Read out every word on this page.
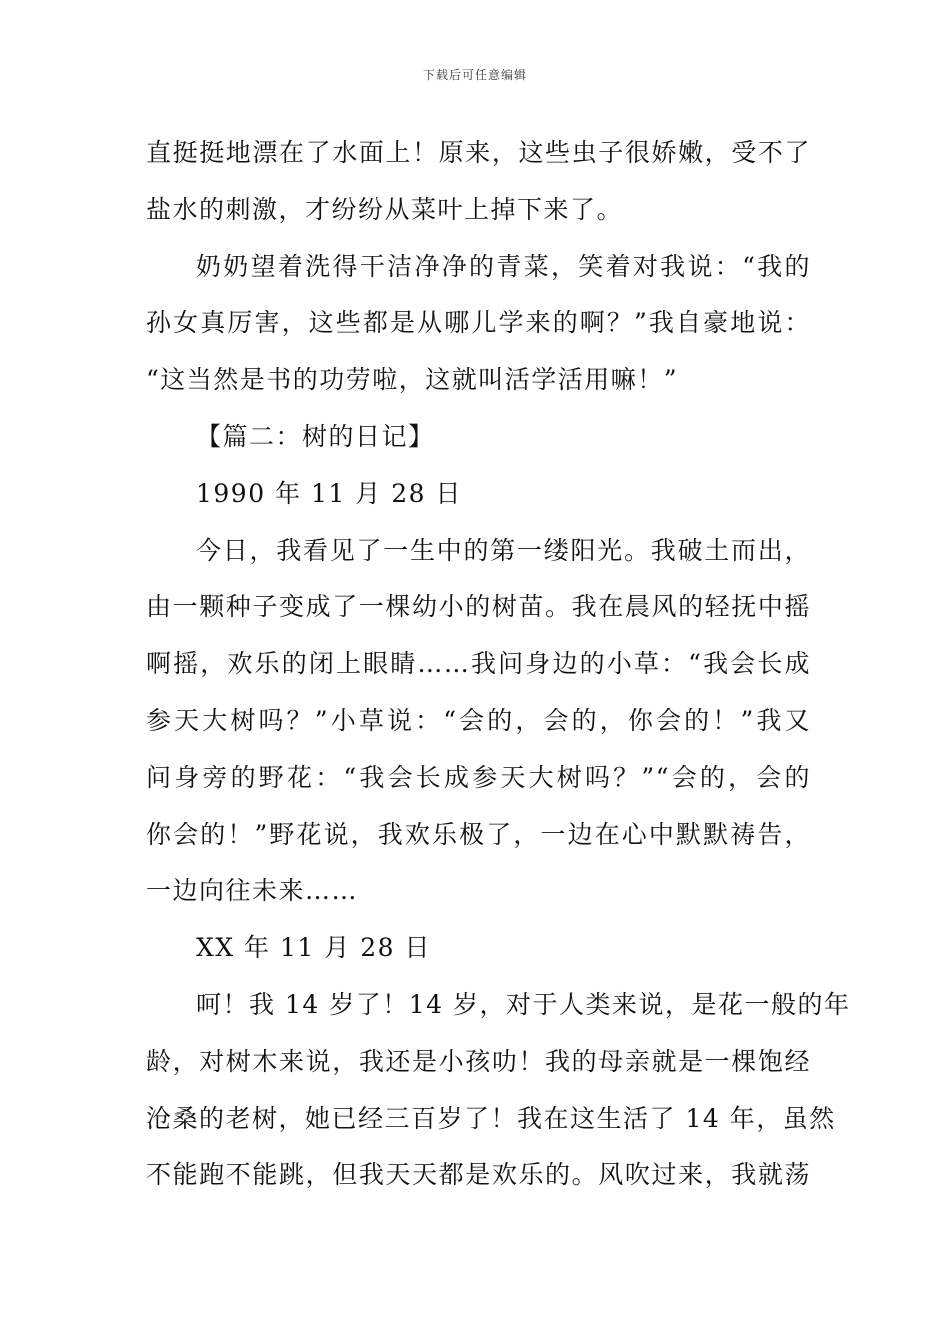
下载后可任意编辑
直挺挺地漂在了水面上！原来，这些虫子很娇嫩，受不了
盐水的刺激，才纷纷从菜叶上掉下来了。
奶奶望着洗得干洁净净的青菜，笑着对我说：“我的
孙女真厉害，这些都是从哪儿学来的啊？”我自豪地说：
“这当然是书的功劳啦，这就叫活学活用嘛！”
【篇二：树的日记】
1990 年 11 月 28 日
今日，我看见了一生中的第一缕阳光。我破土而出，
由一颗种子变成了一棵幼小的树苗。我在晨风的轻抚中摇
啊摇，欢乐的闭上眼睛……我问身边的小草：“我会长成
参天大树吗？”小草说：“会的，会的，你会的！”我又
问身旁的野花：“我会长成参天大树吗？”“会的，会的
你会的！”野花说，我欢乐极了，一边在心中默默祷告，
一边向往未来……
XX 年 11 月 28 日
呵！我 14 岁了！14 岁，对于人类来说，是花一般的年
龄，对树木来说，我还是小孩叻！我的母亲就是一棵饱经
沧桑的老树，她已经三百岁了！我在这生活了 14 年，虽然
不能跑不能跳，但我天天都是欢乐的。风吹过来，我就荡
